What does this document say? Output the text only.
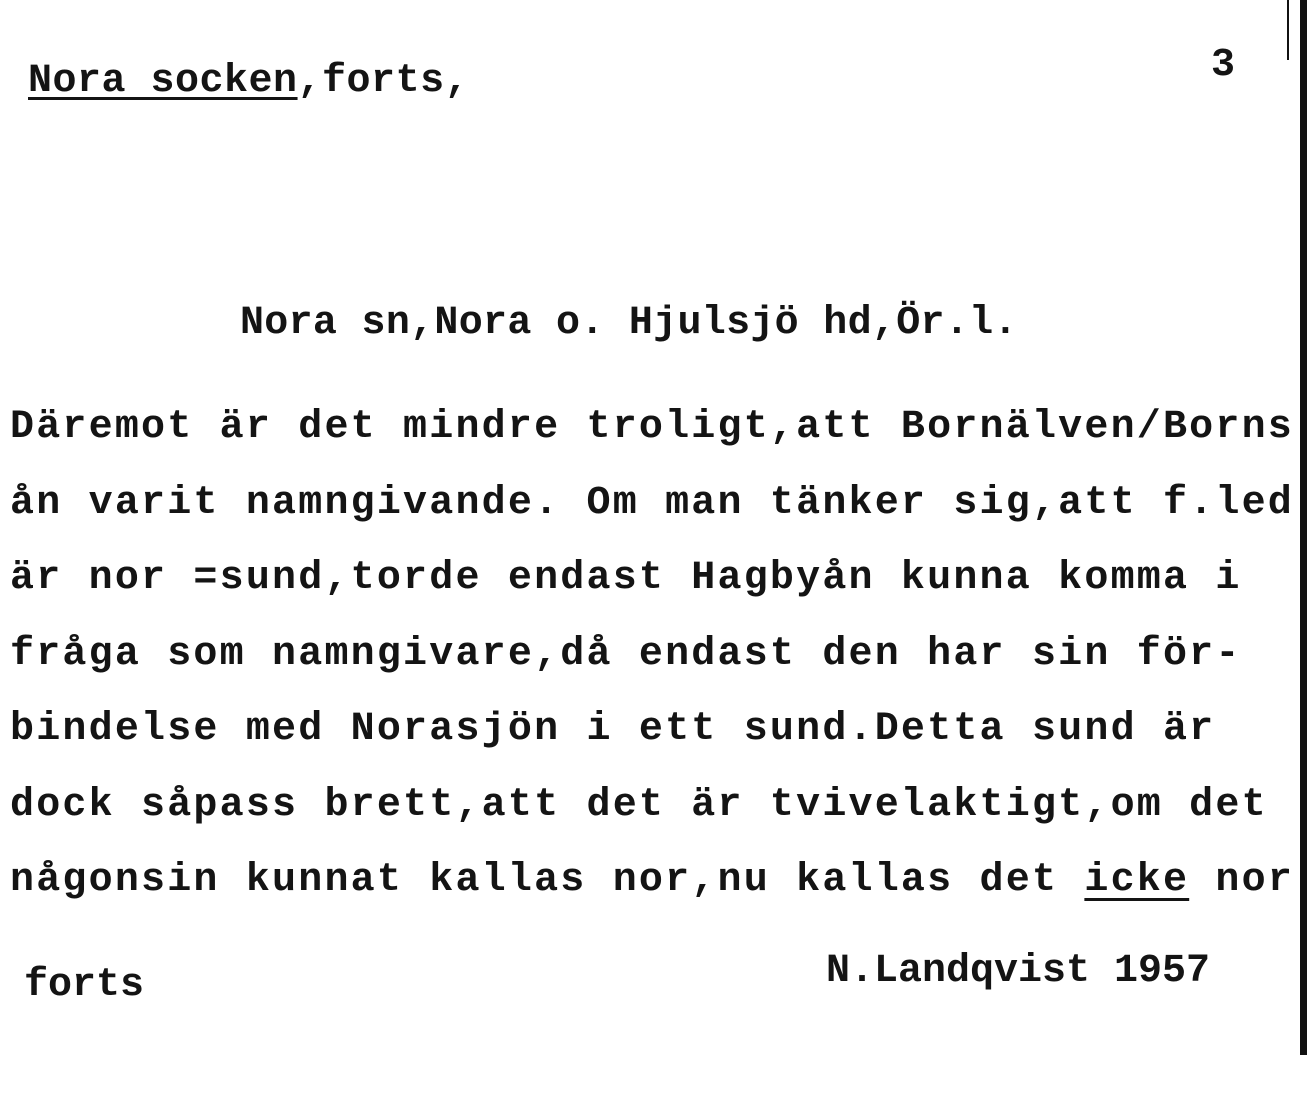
Nora socken,forts,	3
Nora sn,Nora o. Hjulsjö hd,Ör.l.
Däremot är det mindre troligt,att Bornälven/Borns
ån varit namngivande. Om man tänker sig,att f.led
är nor =sund,torde endast Hagbyån kunna komma i
fråga som namngivare,då endast den har sin för-
bindelse med Norasjön i ett sund.Detta sund är
dock såpass brett,att det är tvivelaktigt,om det
någonsin kunnat kallas nor,nu kallas det icke nor
forts	N.Landqvist 1957
